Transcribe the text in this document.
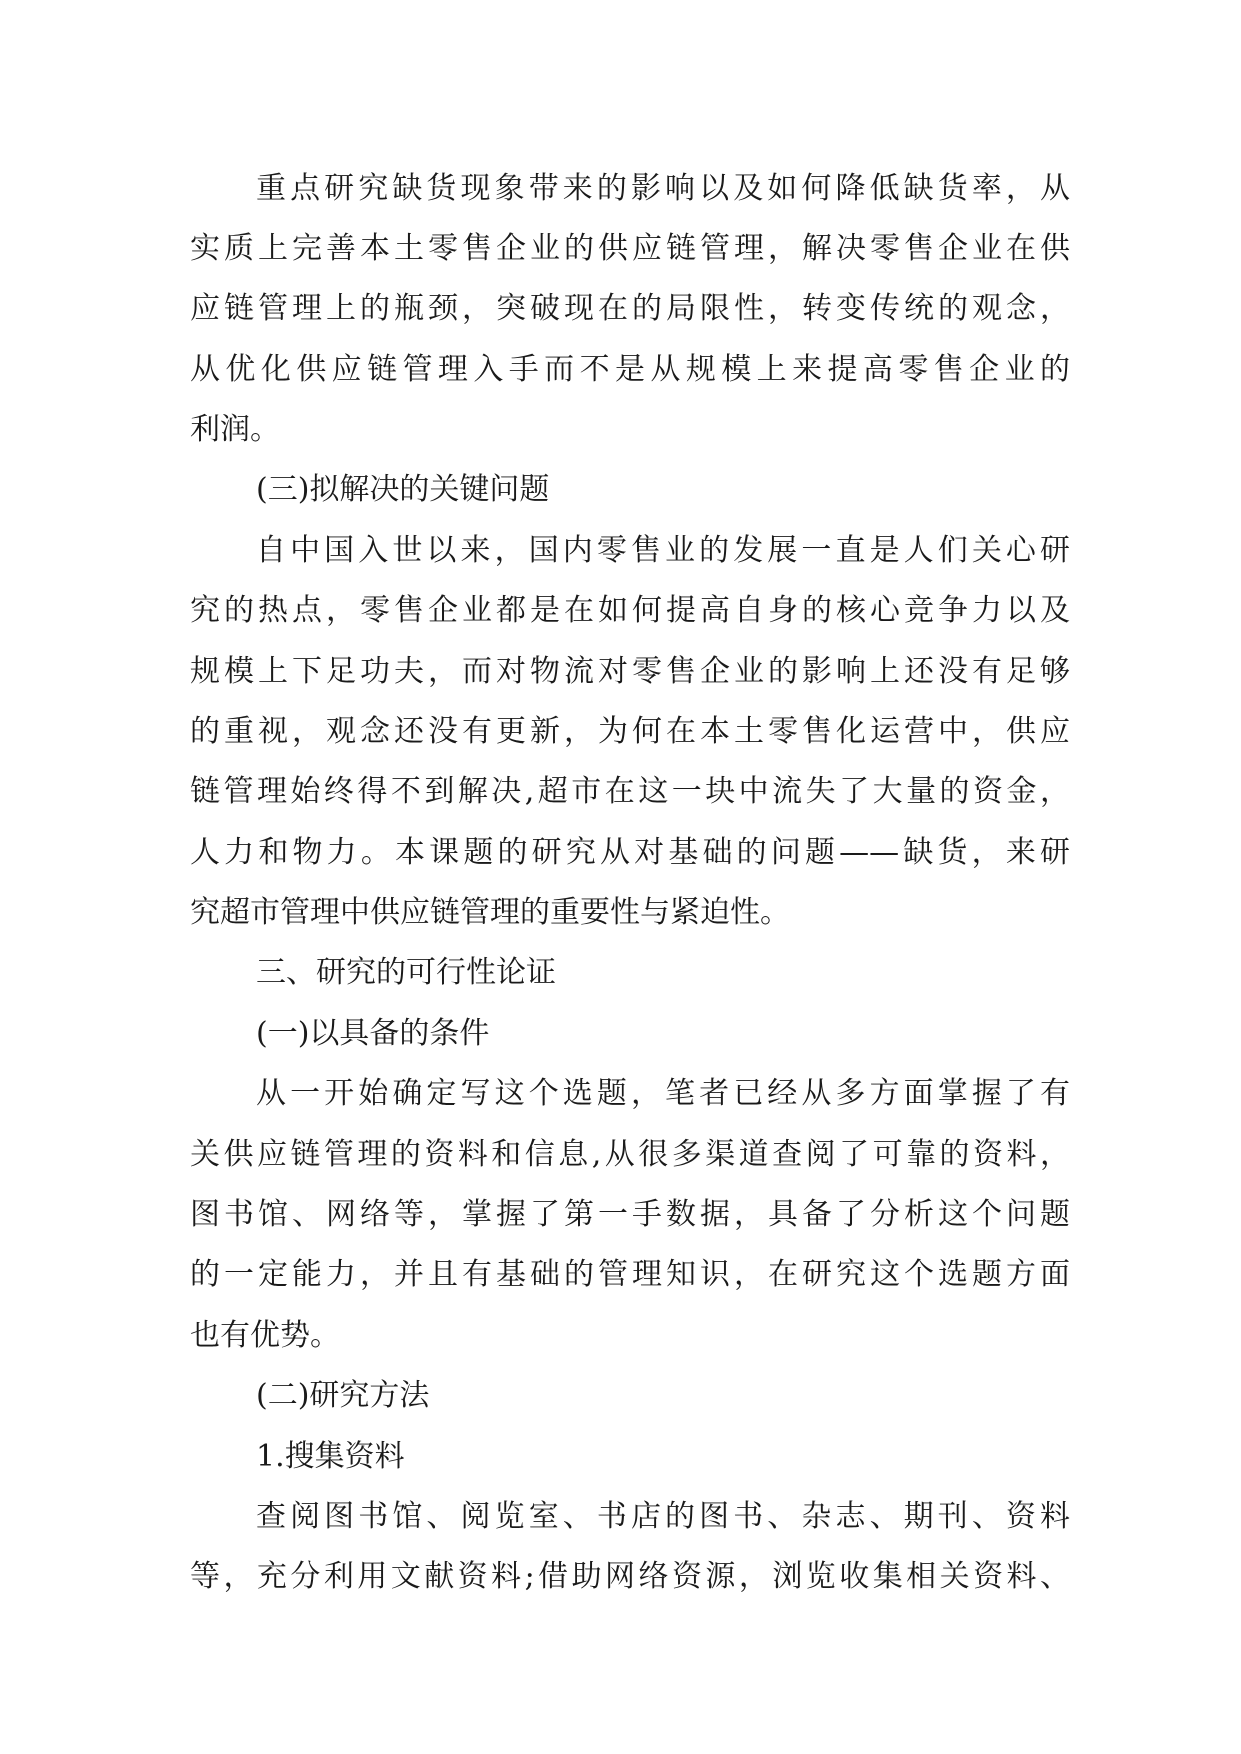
重点研究缺货现象带来的影响以及如何降低缺货率，从
实质上完善本土零售企业的供应链管理，解决零售企业在供
应链管理上的瓶颈，突破现在的局限性，转变传统的观念，
从优化供应链管理入手而不是从规模上来提高零售企业的
利润。
(三)拟解决的关键问题
自中国入世以来，国内零售业的发展一直是人们关心研
究的热点，零售企业都是在如何提高自身的核心竞争力以及
规模上下足功夫，而对物流对零售企业的影响上还没有足够
的重视，观念还没有更新，为何在本土零售化运营中，供应
链管理始终得不到解决,超市在这一块中流失了大量的资金，
人力和物力。本课题的研究从对基础的问题——缺货，来研
究超市管理中供应链管理的重要性与紧迫性。
三、研究的可行性论证
(一)以具备的条件
从一开始确定写这个选题，笔者已经从多方面掌握了有
关供应链管理的资料和信息,从很多渠道查阅了可靠的资料，
图书馆、网络等，掌握了第一手数据，具备了分析这个问题
的一定能力，并且有基础的管理知识，在研究这个选题方面
也有优势。
(二)研究方法
1.搜集资料
查阅图书馆、阅览室、书店的图书、杂志、期刊、资料
等，充分利用文献资料;借助网络资源，浏览收集相关资料、
